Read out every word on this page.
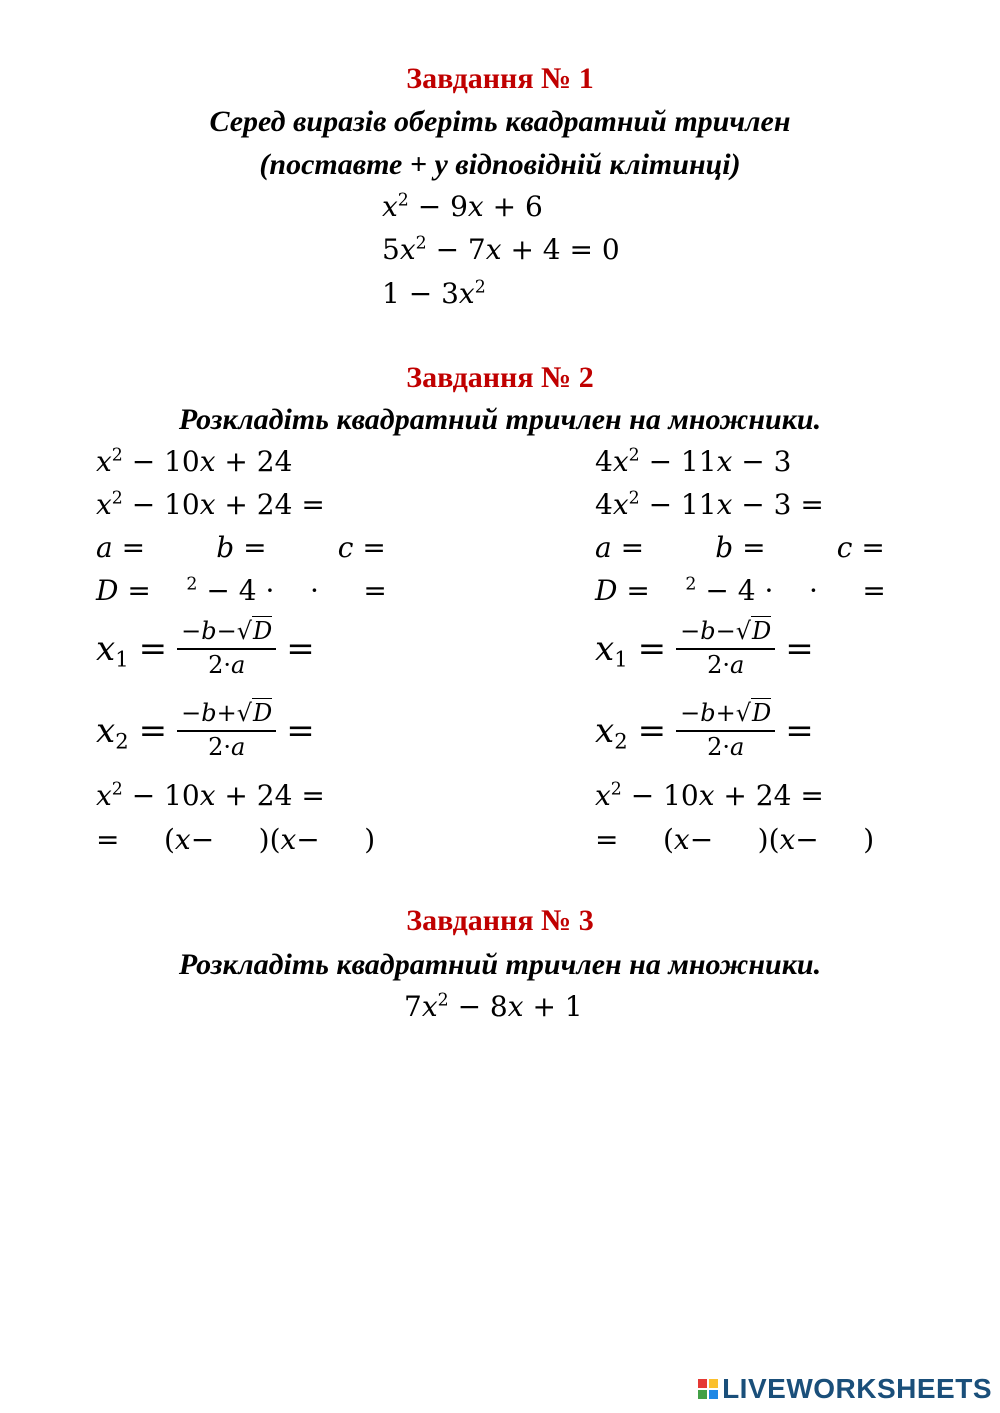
Завдання № 1
Серед виразів оберіть квадратний тричлен
(поставте + у відповідній клітинці)
$x^2 - 9x + 6$
$5x^2 - 7x + 4 = 0$
$1 - 3x^2$
Завдання № 2
Розкладіть квадратний тричлен на множники.
$x^2 - 10x + 24$
$x^2 - 10x + 24$ =
a =        b =        c =
D =    $^2$ − 4 ·    ·     =
$x_1 = \frac{-b-√D}{2\cdot a}$ =
$x_2 = \frac{-b+√D}{2\cdot a}$ =
$x^2 - 10x + 24$ =
=     (x−     )(x−     )
$4x^2 - 11x - 3$
$4x^2 - 11x - 3$ =
a =        b =        c =
D =    $^2$ − 4 ·    ·     =
$x_1 = \frac{-b-√D}{2\cdot a}$ =
$x_2 = \frac{-b+√D}{2\cdot a}$ =
$x^2 - 10x + 24$ =
=     (x−     )(x−     )
Завдання № 3
Розкладіть квадратний тричлен на множники.
$7x^2 - 8x + 1$
LIVEWORKSHEETS
